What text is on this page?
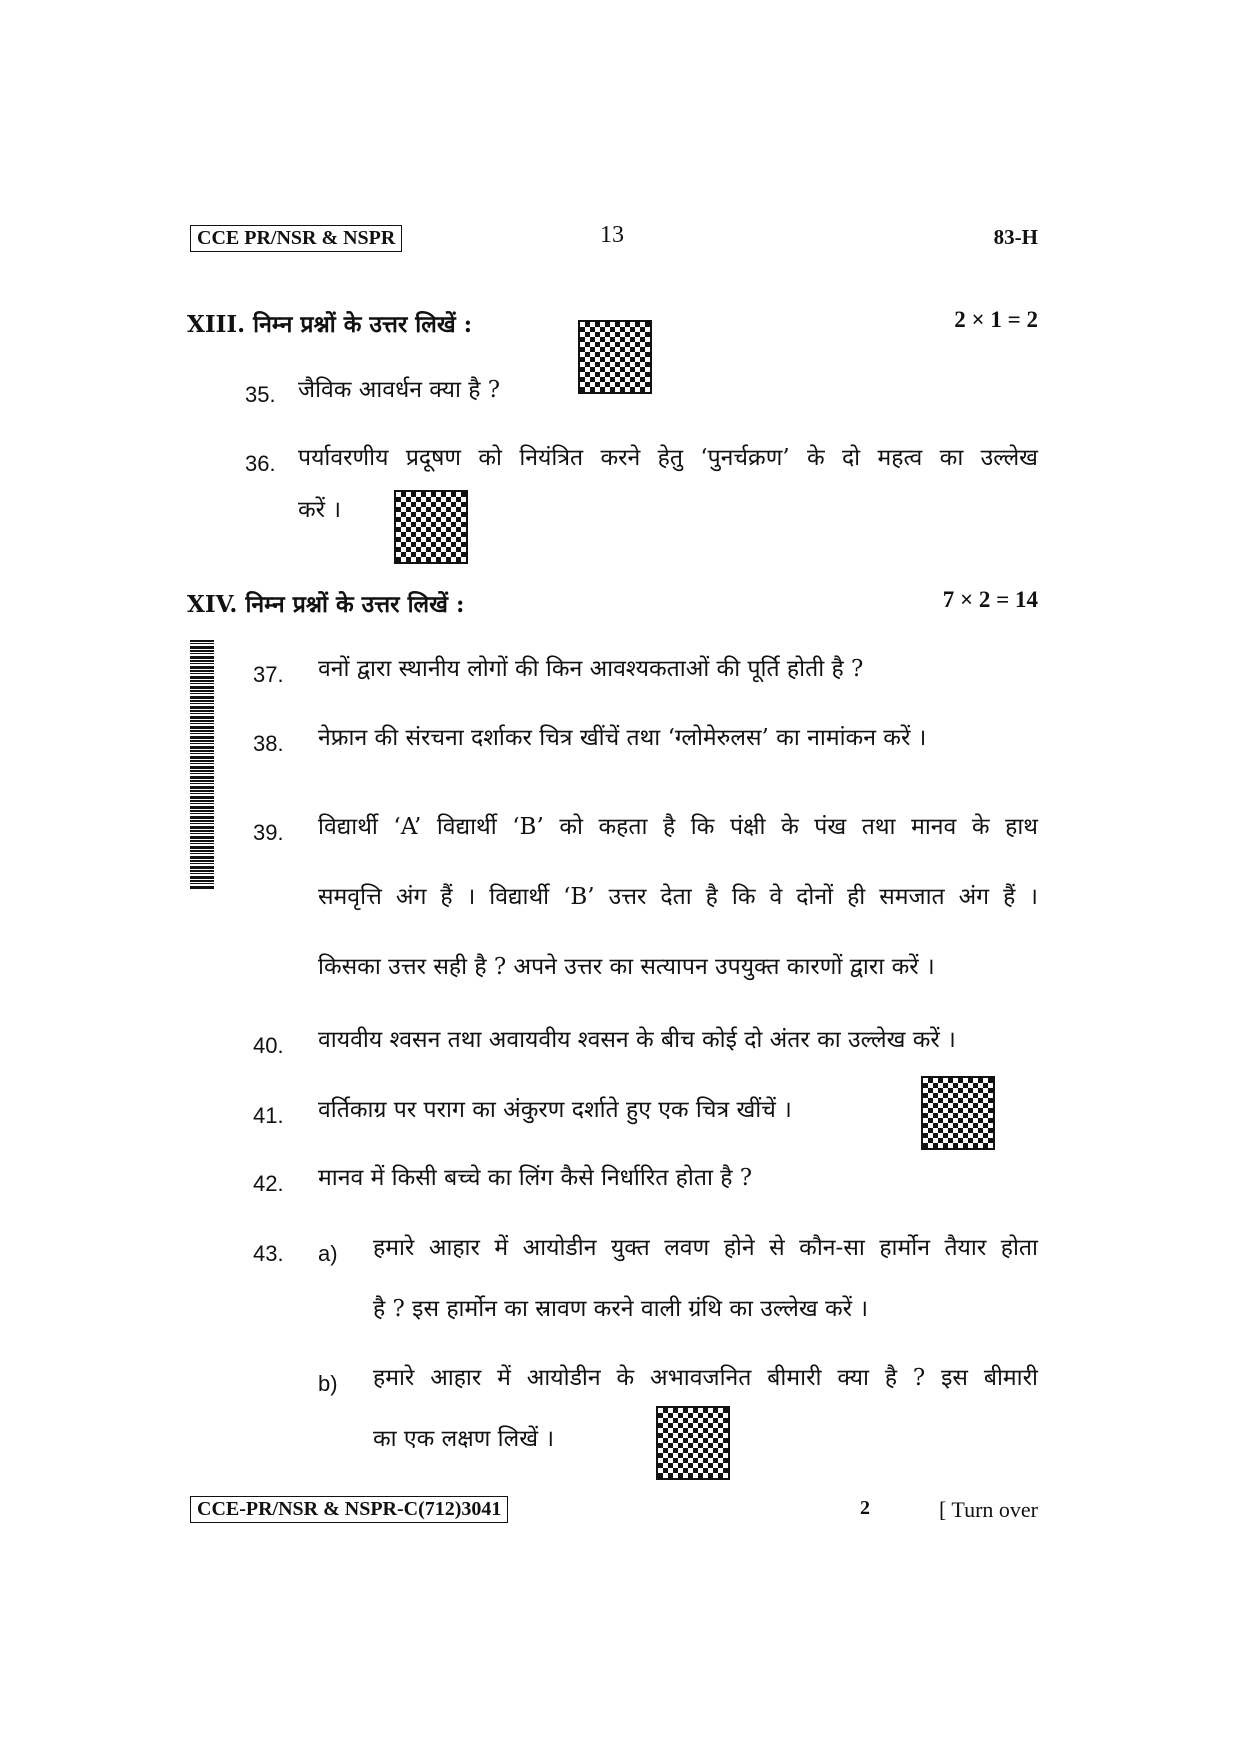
CCE PR/NSR & NSPR	13	83-H
XIII. निम्न प्रश्नों के उत्तर लिखें :	2 × 1 = 2
35. जैविक आवर्धन क्या है ?
36. पर्यावरणीय प्रदूषण को नियंत्रित करने हेतु ‘पुनर्चक्रण’ के दो महत्व का उल्लेख
करें ।
XIV. निम्न प्रश्नों के उत्तर लिखें :	7 × 2 = 14
37. वनों द्वारा स्थानीय लोगों की किन आवश्यकताओं की पूर्ति होती है ?
38. नेफ्रान की संरचना दर्शाकर चित्र खींचें तथा ‘ग्लोमेरुलस’ का नामांकन करें ।
39. विद्यार्थी ‘A’ विद्यार्थी ‘B’ को कहता है कि पंक्षी के पंख तथा मानव के हाथ
समवृत्ति अंग हैं । विद्यार्थी ‘B’ उत्तर देता है कि वे दोनों ही समजात अंग हैं ।
किसका उत्तर सही है ? अपने उत्तर का सत्यापन उपयुक्त कारणों द्वारा करें ।
40. वायवीय श्वसन तथा अवायवीय श्वसन के बीच कोई दो अंतर का उल्लेख करें ।
41. वर्तिकाग्र पर पराग का अंकुरण दर्शाते हुए एक चित्र खींचें ।
42. मानव में किसी बच्चे का लिंग कैसे निर्धारित होता है ?
43. a) हमारे आहार में आयोडीन युक्त लवण होने से कौन-सा हार्मोन तैयार होता
है ? इस हार्मोन का स्रावण करने वाली ग्रंथि का उल्लेख करें ।
b) हमारे आहार में आयोडीन के अभावजनित बीमारी क्या है ? इस बीमारी
का एक लक्षण लिखें ।
CCE-PR/NSR & NSPR-C(712)3041	2	[ Turn over
